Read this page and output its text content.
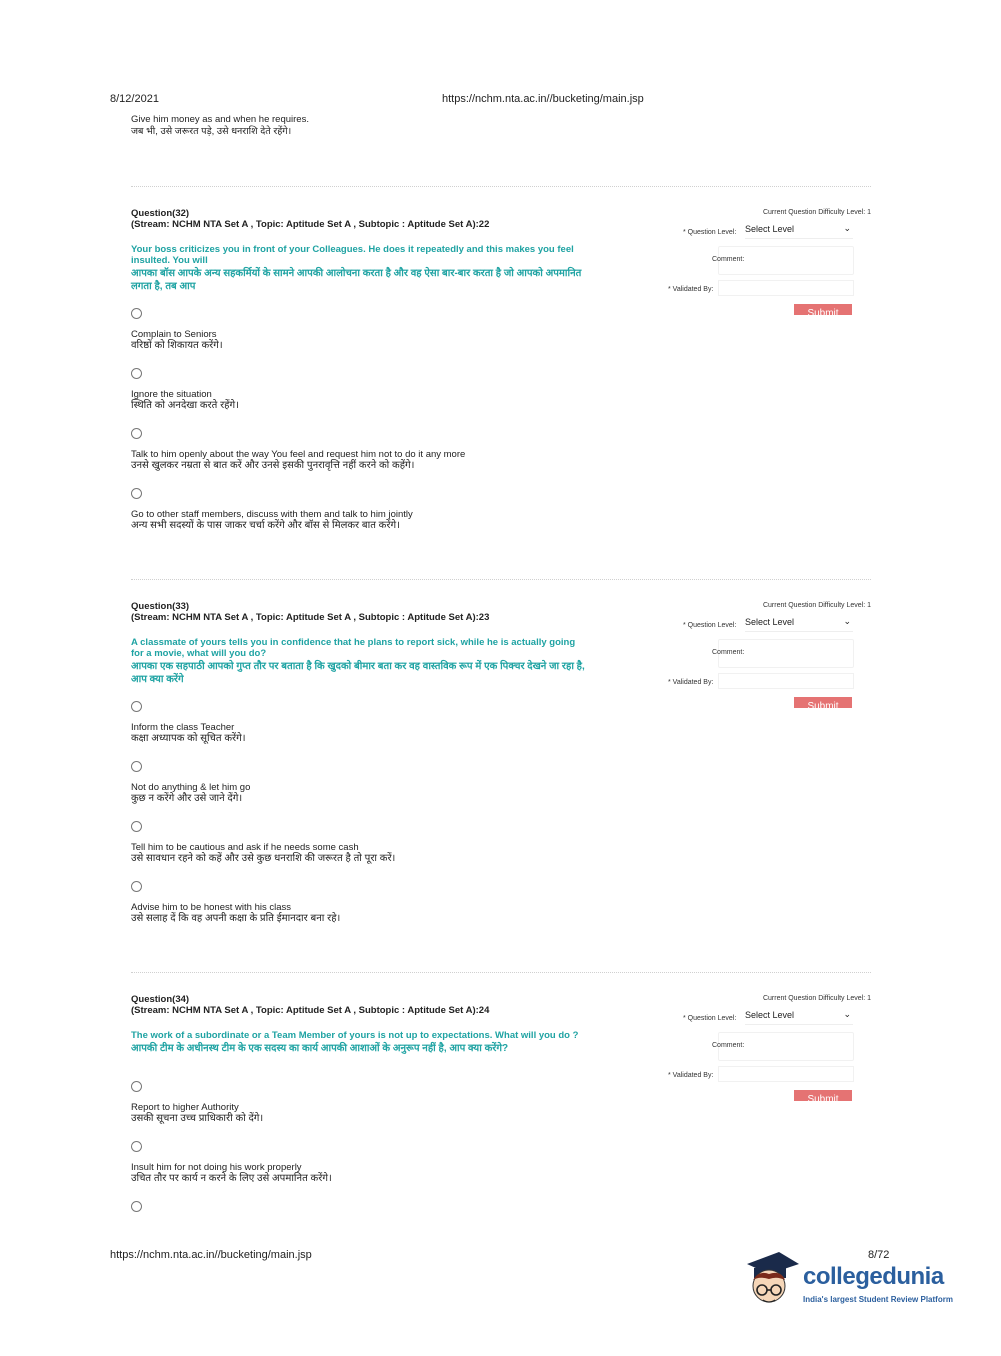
8/12/2021	https://nchm.nta.ac.in//bucketing/main.jsp
Give him money as and when he requires.
जब भी, उसे जरूरत पड़े, उसे धनराशि देते रहेंगे।
Question(32)
(Stream: NCHM NTA Set A , Topic: Aptitude Set A , Subtopic : Aptitude Set A):22
Your boss criticizes you in front of your Colleagues. He does it repeatedly and this makes you feel insulted. You will
आपका बॉस आपके अन्य सहकर्मियों के सामने आपकी आलोचना करता है और वह ऐसा बार-बार करता है जो आपको अपमानित लगता है, तब आप
Complain to Seniors
वरिष्ठों को शिकायत करेंगे।
Ignore the situation
स्थिति को अनदेखा करते रहेंगे।
Talk to him openly about the way You feel and request him not to do it any more
उनसे खुलकर नम्रता से बात करें और उनसे इसकी पुनरावृत्ति नहीं करने को कहेंगे।
Go to other staff members, discuss with them and talk to him jointly
अन्य सभी सदस्यों के पास जाकर चर्चा करेंगे और बॉस से मिलकर बात करेंगे।
Current Question Difficulty Level: 1
* Question Level: Select Level	⌄
Comment:
* Validated By:
Submit
Question(33)
(Stream: NCHM NTA Set A , Topic: Aptitude Set A , Subtopic : Aptitude Set A):23
A classmate of yours tells you in confidence that he plans to report sick, while he is actually going for a movie, what will you do?
आपका एक सहपाठी आपको गुप्त तौर पर बताता है कि खुदको बीमार बता कर वह वास्तविक रूप में एक पिक्चर देखने जा रहा है, आप क्या करेंगे
Inform the class Teacher
कक्षा अध्यापक को सूचित करेंगे।
Not do anything & let him go
कुछ न करेंगे और उसे जाने देंगे।
Tell him to be cautious and ask if he needs some cash
उसे सावधान रहने को कहें और उसे कुछ धनराशि की जरूरत है तो पूरा करें।
Advise him to be honest with his class
उसे सलाह दें कि वह अपनी कक्षा के प्रति ईमानदार बना रहे।
Current Question Difficulty Level: 1
* Question Level: Select Level	⌄
Comment:
* Validated By:
Submit
Question(34)
(Stream: NCHM NTA Set A , Topic: Aptitude Set A , Subtopic : Aptitude Set A):24
The work of a subordinate or a Team Member of yours is not up to expectations. What will you do ?
आपकी टीम के अधीनस्थ टीम के एक सदस्य का कार्य आपकी आशाओं के अनुरूप नहीं है, आप क्या करेंगे?
Report to higher Authority
उसकी सूचना उच्च प्राधिकारी को देंगे।
Insult him for not doing his work properly
उचित तौर पर कार्य न करने के लिए उसे अपमानित करेंगे।
Current Question Difficulty Level: 1
* Question Level: Select Level	⌄
Comment:
* Validated By:
Submit
https://nchm.nta.ac.in//bucketing/main.jsp	8/72
collegedunia
India's largest Student Review Platform
